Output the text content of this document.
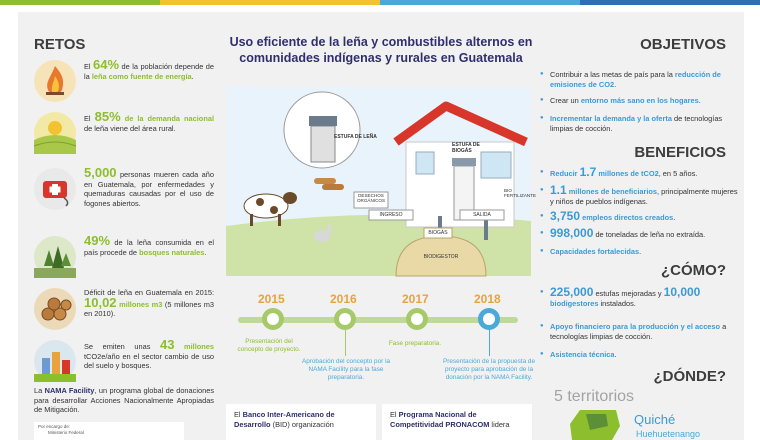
RETOS
El 64% de la población depende de la leña como fuente de energía.
El 85% de la demanda nacional de leña viene del área rural.
5,000 personas mueren cada año en Guatemala, por enfermedades y quemaduras causadas por el uso de fogones abiertos.
49% de la leña consumida en el país procede de bosques naturales.
Déficit de leña en Guatemala en 2015: 10,02 millones m3 (5 millones m3 en 2010).
Se emiten unas 43 millones tCO2e/año en el sector cambio de uso del suelo y bosques.
La NAMA Facility, un programa global de donaciones para desarrollar Acciones Nacionalmente Apropiadas de Mitigación.
Por encargo de:
Ministerio Federal
Uso eficiente de la leña y combustibles alternos en
comunidades indígenas y rurales en Guatemala
ESTUFA DE LEÑA
ESTUFA DE BIOGÁS
DESECHOS ORGÁNICOS
INGRESO	SALIDA
BIO FERTILIZANTE
BIOGÁS
BIODIGESTOR
2015	2016	2017	2018
Presentación del concepto de proyecto.
Aprobación del concepto por la NAMA Facility para la fase preparatoria.
Fase preparatoria.
Presentación de la propuesta de proyecto para aprobación de la donación por la NAMA Facility.
El Banco Inter-Americano de Desarrollo (BID) organización
El Programa Nacional de Competitividad PRONACOM lidera
OBJETIVOS
● Contribuir a las metas de país para la reducción de emisiones de CO2.
● Crear un entorno más sano en los hogares.
● Incrementar la demanda y la oferta de tecnologías limpias de cocción.
BENEFICIOS
● Reducir 1.7 millones de tCO2, en 5 años.
● 1.1 millones de beneficiarios, principalmente mujeres y niños de pueblos indígenas.
● 3,750 empleos directos creados.
● 998,000 de toneladas de leña no extraída.
● Capacidades fortalecidas.
¿CÓMO?
● 225,000 estufas mejoradas y 10,000 biodigestores instalados.
● Apoyo financiero para la producción y el acceso a tecnologías limpias de cocción.
● Asistencia técnica.
¿DÓNDE?
5 territorios
Quiché
Huehuetenango
